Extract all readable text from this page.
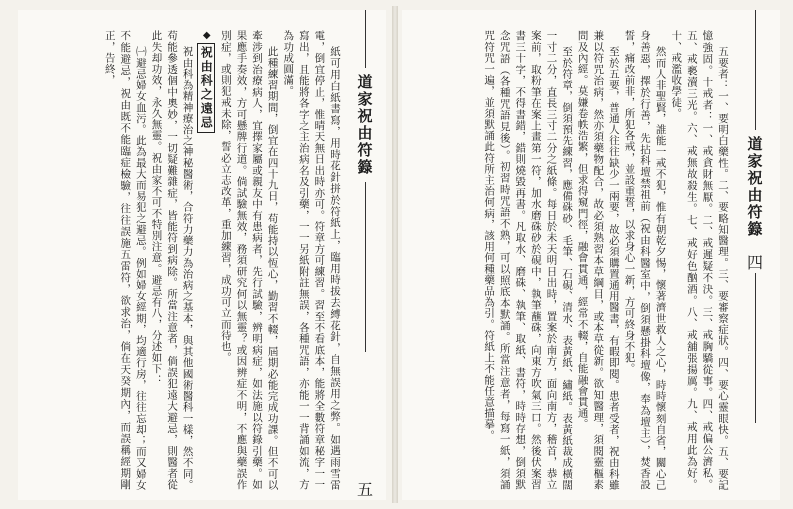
紙可用白紙書寫，用時花針拼於符紙上，臨用時拔去縛花針，自無誤用之弊。如遇雨雪雷電，倒宜停止，惟晴天無日出時亦可。符章方可練習。習至不看底本，能將全數符章秘字一一寫出，且能將各字之主治病名及引藥，一一另紙附註無誤，各種咒語，亦能一一背誦如流，方為功成圓滿。

此種練習期間，倒宜在四十九日，苟能持以恆心，勤習不輟，屆期必能完成功課。但不可以牽涉到治療病人，宜擇家屬或親友中有患病者，先行試驗，辨明病症，如法施以符錄引藥。如果應手奏效，方可懸牌行道。倘試驗無效，務須研究何以無靈？或因辨症不明，不應與藥誤作別症，或則犯戒未除，誓必立志改革，重加練習，成功可立而待也。

◆祝由科之遠忌

祝由科為精神療治之神秘醫術，合符力藥力為治病之基本，與其他國術醫科一樣，然不同。苟能參透個中奧妙，一切疑難雜症，皆能符到病除。所當注意者，倘誤犯遠大避忌，則醫者從此失却功效，永久無靈。祝由家不可不特別注意。避忌有八，分述如下：

㈠避忌婦女血污。此為最大而易犯之避忌。例如婦女經期，均適行房，往往忘却；而又婦女不能避忌，祝由既不能臨症檢驗，往往誤施五雷符，欲求治，倘在天癸期內，而誤稱經期剛正，告終，

道家祝由符籙
五	五要者：一、要明白藥性。二、要略知醫理。三、要審察症狀。四、要心靈眼快。五、要記憶強固。十戒者：一、戒貪財無厭。二、戒遲疑不決。三、戒胸驕從事。四、戒偏公濟私。五、戒褻瀆三光。六、戒無故殺生。七、戒好色酗酒。八、戒舖張揚厲。九、戒用此為好。十、戒濫收學徒。

然而人非聖賢，誰能一戒不犯，惟有朝乾夕惕，懷著濟世救人之心，時時懷刻自省，關心己身善惡，擇於行善，先拈科壇禁祖前（祝由科醫室中，倒須懸掛科壇像，奉為壇主），焚香設誓，痛改前非，所犯各戒，並設重誓，以求身心一新，方可終身不犯。

至於五要，普通人往往缺少一兩要，故必須購置通用醫書，有暇即閱。患者受者，祝由科雖兼以符咒治病，然亦須藥物配合，故必須熟習本草綱目，或本草從新。欲知醫理，須閱靈樞素問及內經。莫嫌卷帙浩繁，但求得窺門徑，融會貫通，經常不輟，自能融會貫通。

至於符章，倒須預先練習，應備硃砂、毛筆、石硯、清水、表黃紙、繡紙。表黃紙裁成橫闊一寸二分，直長三寸二分之紙條。每日於未天明日出時，置案於南方，面向南方，稽首，恭立案前，取粉筆在案上畫第一符，加水磨硃砂於硯中，執筆蘸硃，向東方吹氣三口。然後伏案習書三十字，不得書錯，錯則燒毀再書。凡取水、磨硃、執筆、取紙、書符，時時存想，倒須默念咒語（各種咒語見後）。初習時咒語不熟，可以照底本默誦。所當注意者，每寫一紙，須誦咒符咒一遍，並須默誦此符所主治何病，該用何種藥品為引。符紙上不能任意描摹。	道家祝由符籙
四
